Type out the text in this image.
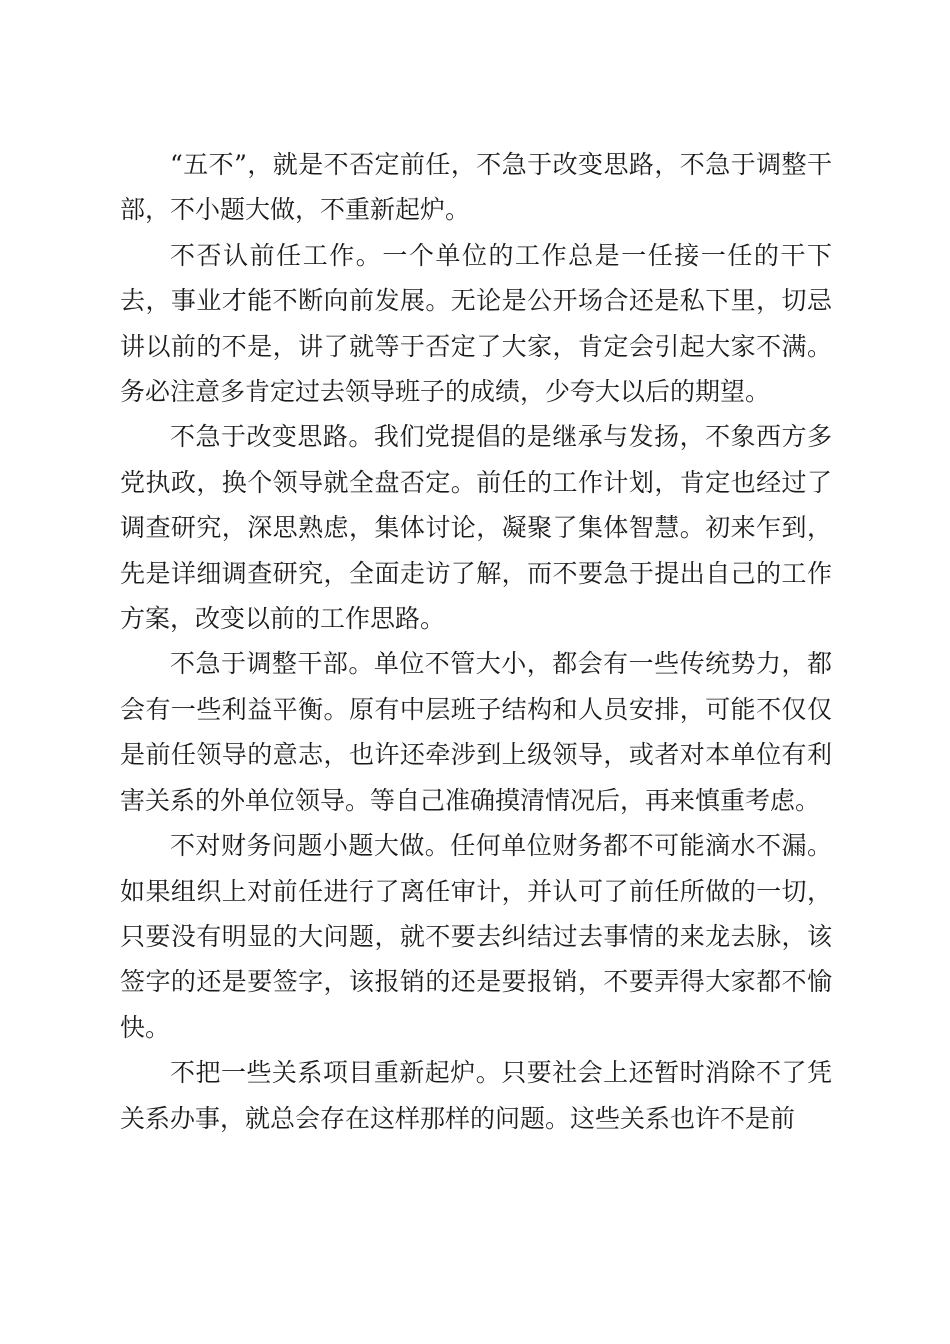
“五不”，就是不否定前任，不急于改变思路，不急于调整干部，不小题大做，不重新起炉。

不否认前任工作。一个单位的工作总是一任接一任的干下去，事业才能不断向前发展。无论是公开场合还是私下里，切忌讲以前的不是，讲了就等于否定了大家，肯定会引起大家不满。务必注意多肯定过去领导班子的成绩，少夸大以后的期望。

不急于改变思路。我们党提倡的是继承与发扬，不象西方多党执政，换个领导就全盘否定。前任的工作计划，肯定也经过了调查研究，深思熟虑，集体讨论，凝聚了集体智慧。初来乍到，先是详细调查研究，全面走访了解，而不要急于提出自己的工作方案，改变以前的工作思路。

不急于调整干部。单位不管大小，都会有一些传统势力，都会有一些利益平衡。原有中层班子结构和人员安排，可能不仅仅是前任领导的意志，也许还牵涉到上级领导，或者对本单位有利害关系的外单位领导。等自己准确摸清情况后，再来慎重考虑。

不对财务问题小题大做。任何单位财务都不可能滴水不漏。如果组织上对前任进行了离任审计，并认可了前任所做的一切，只要没有明显的大问题，就不要去纠结过去事情的来龙去脉，该签字的还是要签字，该报销的还是要报销，不要弄得大家都不愉快。

不把一些关系项目重新起炉。只要社会上还暂时消除不了凭关系办事，就总会存在这样那样的问题。这些关系也许不是前
